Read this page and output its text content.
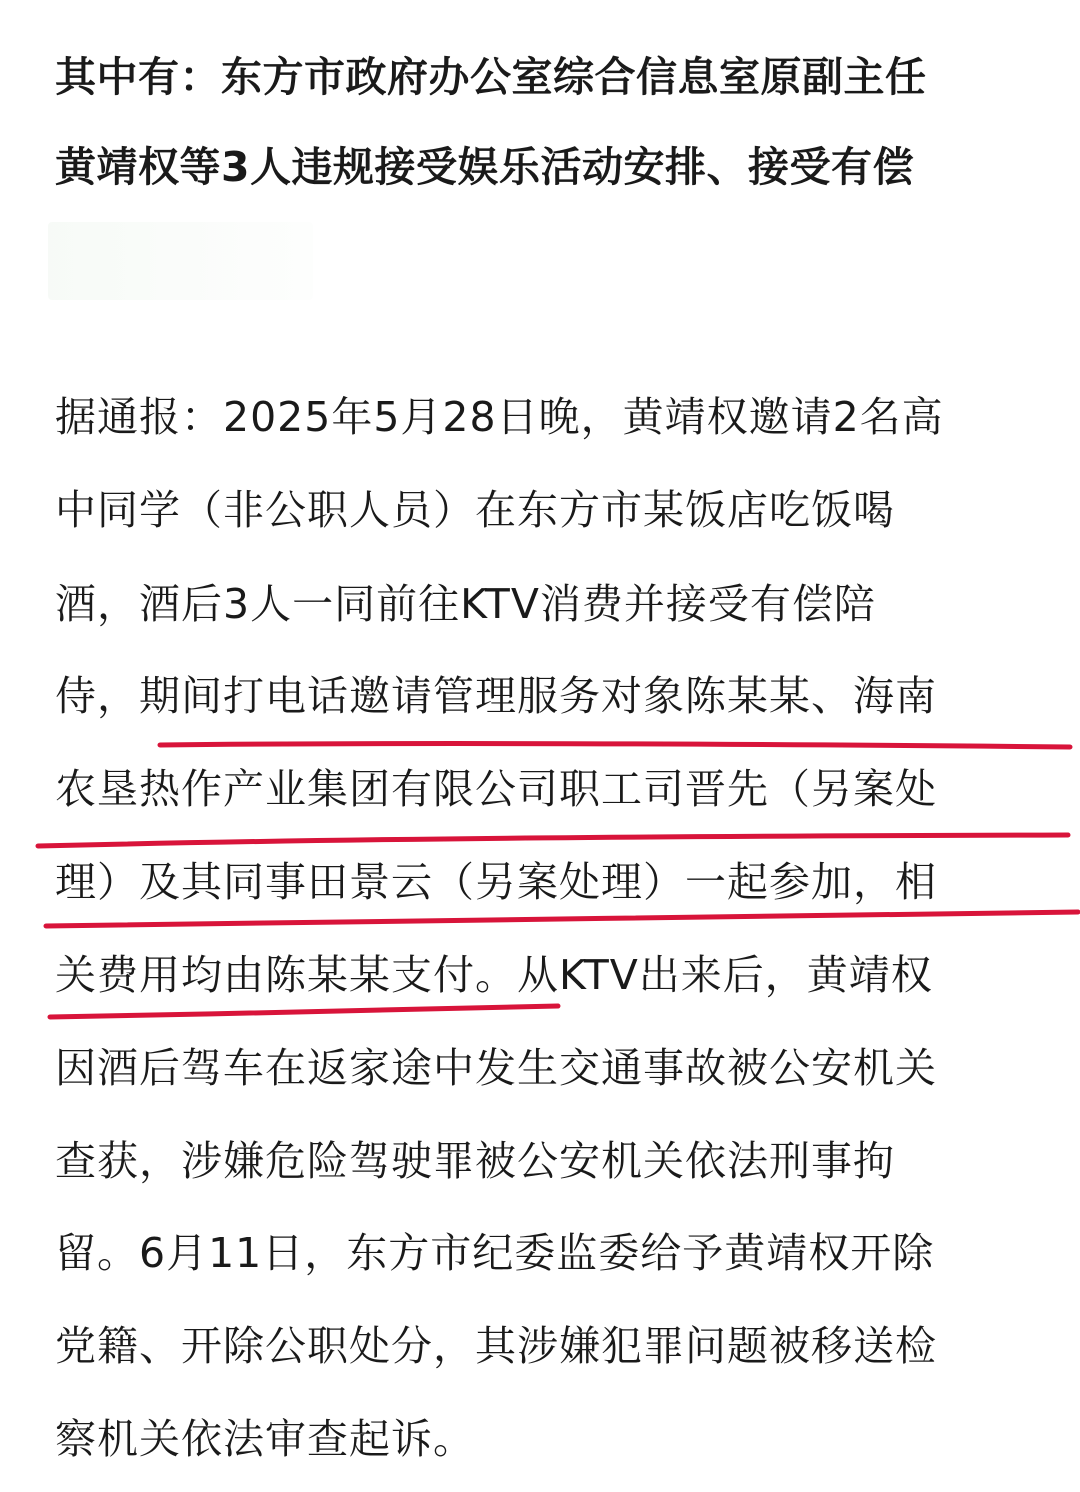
其中有：东方市政府办公室综合信息室原副主任
黄靖权等3人违规接受娱乐活动安排、接受有偿
据通报：2025年5月28日晚，黄靖权邀请2名高
中同学（非公职人员）在东方市某饭店吃饭喝
酒，酒后3人一同前往KTV消费并接受有偿陪
侍，期间打电话邀请管理服务对象陈某某、海南
农垦热作产业集团有限公司职工司晋先（另案处
理）及其同事田景云（另案处理）一起参加，相
关费用均由陈某某支付。从KTV出来后，黄靖权
因酒后驾车在返家途中发生交通事故被公安机关
查获，涉嫌危险驾驶罪被公安机关依法刑事拘
留。6月11日，东方市纪委监委给予黄靖权开除
党籍、开除公职处分，其涉嫌犯罪问题被移送检
察机关依法审查起诉。
